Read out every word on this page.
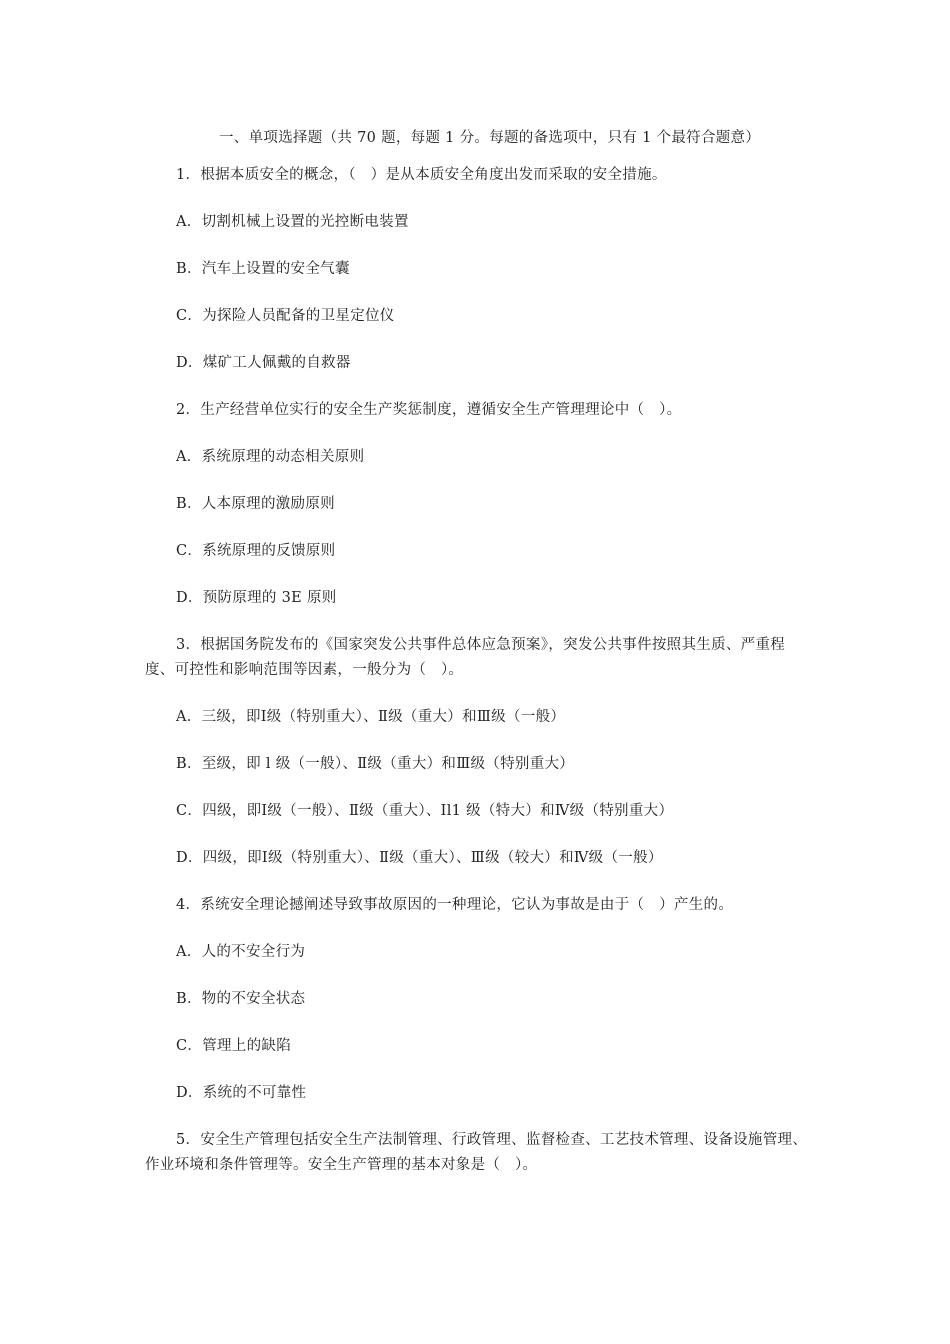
一、单项选择题（共 70 题，每题 1 分。每题的备选项中，只有 1 个最符合题意）

1．根据本质安全的概念，（　）是从本质安全角度出发而采取的安全措施。

A．切割机械上设置的光控断电装置

B．汽车上设置的安全气囊

C．为探险人员配备的卫星定位仪

D．煤矿工人佩戴的自救器

2．生产经营单位实行的安全生产奖惩制度，遵循安全生产管理理论中（　）。

A．系统原理的动态相关原则

B．人本原理的激励原则

C．系统原理的反馈原则

D．预防原理的 3E 原则

3．根据国务院发布的《国家突发公共事件总体应急预案》，突发公共事件按照其生质、严重程度、可控性和影响范围等因素，一般分为（　）。

A．三级，即Ⅰ级（特别重大）、Ⅱ级（重大）和Ⅲ级（一般）

B．至级，即 l 级（一般）、Ⅱ级（重大）和Ⅲ级（特别重大）

C．四级，即Ⅰ级（一般）、Ⅱ级（重大）、Il1 级（特大）和Ⅳ级（特别重大）

D．四级，即Ⅰ级（特别重大）、Ⅱ级（重大）、Ⅲ级（较大）和Ⅳ级（一般）

4．系统安全理论撼阐述导致事故原因的一种理论，它认为事故是由于（　）产生的。

A．人的不安全行为

B．物的不安全状态

C．管理上的缺陷

D．系统的不可靠性

5．安全生产管理包括安全生产法制管理、行政管理、监督检查、工艺技术管理、设备设施管理、作业环境和条件管理等。安全生产管理的基本对象是（　）。
